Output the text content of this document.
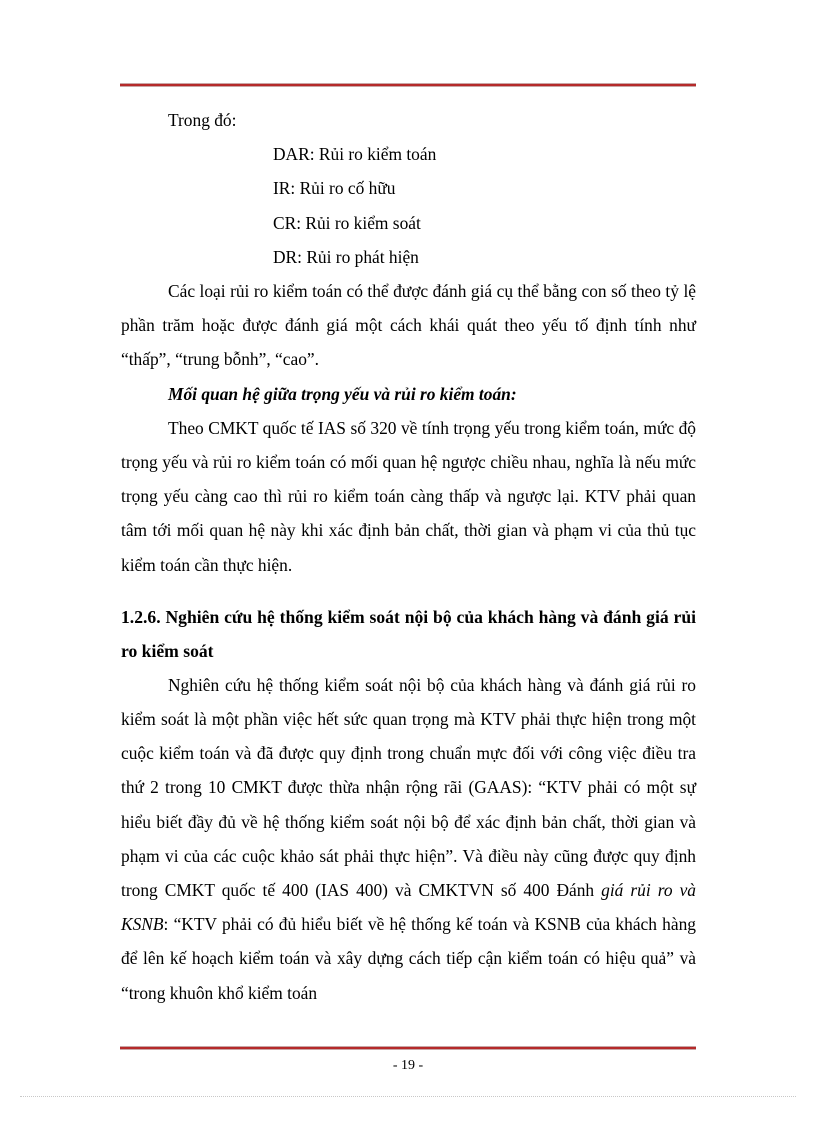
Trong đó:

DAR: Rủi ro kiểm toán

IR: Rủi ro cố hữu

CR: Rủi ro kiểm soát

DR: Rủi ro phát hiện

Các loại rủi ro kiểm toán có thể được đánh giá cụ thể bằng con số theo tỷ lệ phần trăm hoặc được đánh giá một cách khái quát theo yếu tố định tính như “thấp”, “trung bỗnh”, “cao”.

Mối quan hệ giữa trọng yếu và rủi ro kiểm toán:

Theo CMKT quốc tế IAS số 320 về tính trọng yếu trong kiểm toán, mức độ trọng yếu và rủi ro kiểm toán có mối quan hệ ngược chiều nhau, nghĩa là nếu mức trọng yếu càng cao thì rủi ro kiểm toán càng thấp và ngược lại. KTV phải quan tâm tới mối quan hệ này khi xác định bản chất, thời gian và phạm vi của thủ tục kiểm toán cần thực hiện.

1.2.6. Nghiên cứu hệ thống kiểm soát nội bộ của khách hàng và đánh giá rủi ro kiểm soát

Nghiên cứu hệ thống kiểm soát nội bộ của khách hàng và đánh giá rủi ro kiểm soát là một phần việc hết sức quan trọng mà KTV phải thực hiện trong một cuộc kiểm toán và đã được quy định trong chuẩn mực đối với công việc điều tra thứ 2 trong 10 CMKT được thừa nhận rộng rãi (GAAS): “KTV phải có một sự hiểu biết đầy đủ về hệ thống kiểm soát nội bộ để xác định bản chất, thời gian và phạm vi của các cuộc khảo sát phải thực hiện”. Và điều này cũng được quy định trong CMKT quốc tế 400 (IAS 400) và CMKTVN số 400 Đánh giá rủi ro và KSNB: “KTV phải có đủ hiểu biết về hệ thống kế toán và KSNB của khách hàng để lên kế hoạch kiểm toán và xây dựng cách tiếp cận kiểm toán có hiệu quả” và “trong khuôn khổ kiểm toán

- 19 -
